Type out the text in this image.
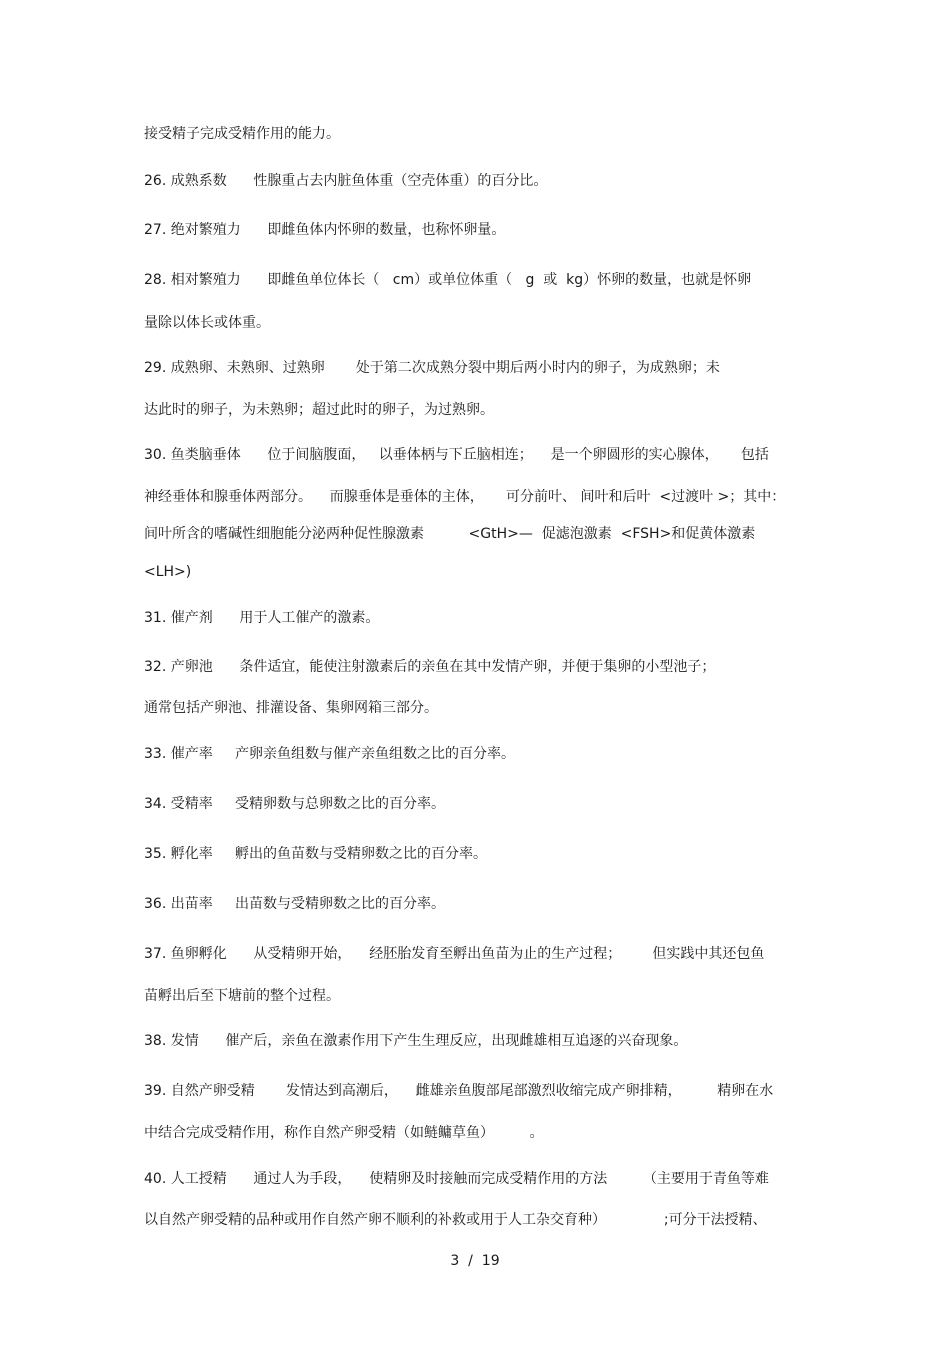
接受精子完成受精作用的能力。
26. 成熟系数      性腺重占去内脏鱼体重（空壳体重）的百分比。
27. 绝对繁殖力      即雌鱼体内怀卵的数量，也称怀卵量。
28. 相对繁殖力      即雌鱼单位体长（   cm）或单位体重（   g  或  kg）怀卵的数量，也就是怀卵
量除以体长或体重。
29. 成熟卵、未熟卵、过熟卵       处于第二次成熟分裂中期后两小时内的卵子，为成熟卵；未
达此时的卵子，为未熟卵；超过此时的卵子，为过熟卵。
30. 鱼类脑垂体      位于间脑腹面，   以垂体柄与下丘脑相连；    是一个卵圆形的实心腺体，     包括
神经垂体和腺垂体两部分。    而腺垂体是垂体的主体，     可分前叶、 间叶和后叶  <过渡叶 >；其中：
间叶所含的嗜碱性细胞能分泌两种促性腺激素          <GtH>—  促滤泡激素  <FSH>和促黄体激素
<LH>)
31. 催产剂      用于人工催产的激素。
32. 产卵池      条件适宜，能使注射激素后的亲鱼在其中发情产卵，并便于集卵的小型池子；
通常包括产卵池、排灌设备、集卵网箱三部分。
33. 催产率     产卵亲鱼组数与催产亲鱼组数之比的百分率。
34. 受精率     受精卵数与总卵数之比的百分率。
35. 孵化率     孵出的鱼苗数与受精卵数之比的百分率。
36. 出苗率     出苗数与受精卵数之比的百分率。
37. 鱼卵孵化      从受精卵开始，    经胚胎发育至孵出鱼苗为止的生产过程；       但实践中其还包鱼
苗孵出后至下塘前的整个过程。
38. 发情      催产后，亲鱼在激素作用下产生生理反应，出现雌雄相互追逐的兴奋现象。
39. 自然产卵受精       发情达到高潮后，    雌雄亲鱼腹部尾部激烈收缩完成产卵排精，        精卵在水
中结合完成受精作用，称作自然产卵受精（如鲢鳙草鱼）        。
40. 人工授精      通过人为手段，    使精卵及时接触而完成受精作用的方法        （主要用于青鱼等难
以自然产卵受精的品种或用作自然产卵不顺利的补救或用于人工杂交育种）             ;可分干法授精、
3  /  19
